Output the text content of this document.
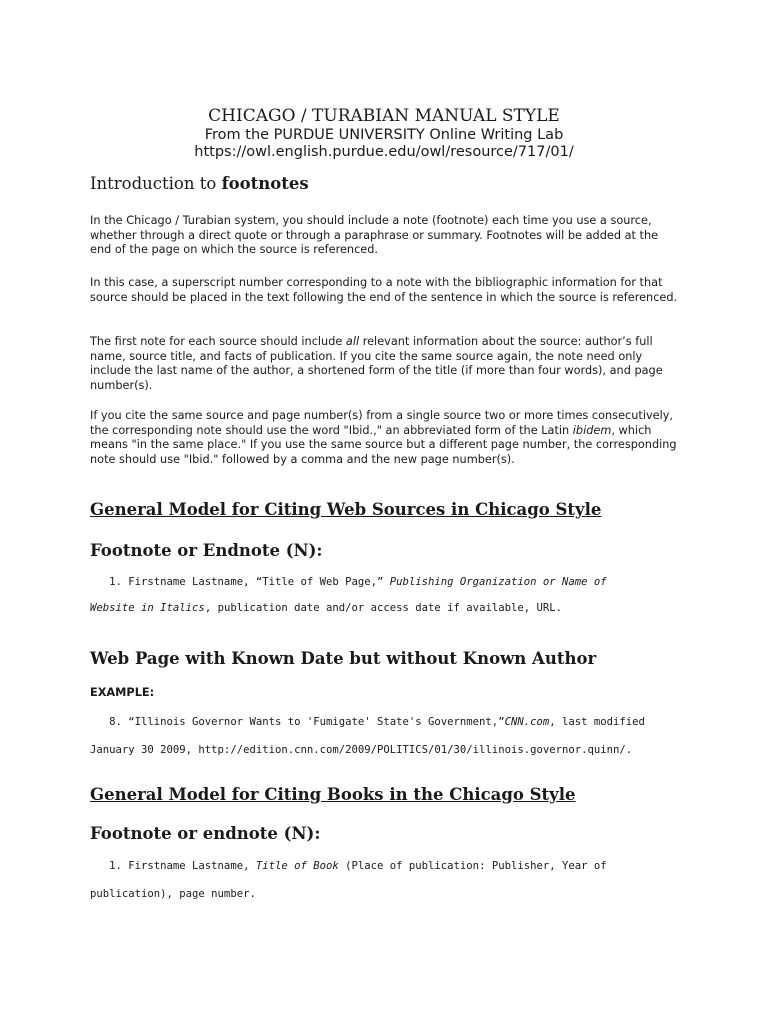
CHICAGO / TURABIAN MANUAL STYLE
From the PURDUE UNIVERSITY Online Writing Lab
https://owl.english.purdue.edu/owl/resource/717/01/
Introduction to footnotes

In the Chicago / Turabian system, you should include a note (footnote) each time you use a source, whether through a direct quote or through a paraphrase or summary. Footnotes will be added at the end of the page on which the source is referenced.

In this case, a superscript number corresponding to a note with the bibliographic information for that source should be placed in the text following the end of the sentence in which the source is referenced.

The first note for each source should include all relevant information about the source: author’s full name, source title, and facts of publication. If you cite the same source again, the note need only include the last name of the author, a shortened form of the title (if more than four words), and page number(s).

If you cite the same source and page number(s) from a single source two or more times consecutively, the corresponding note should use the word "Ibid.," an abbreviated form of the Latin ibidem, which means "in the same place." If you use the same source but a different page number, the corresponding note should use "Ibid." followed by a comma and the new page number(s).

General Model for Citing Web Sources in Chicago Style
Footnote or Endnote (N):
1. Firstname Lastname, “Title of Web Page,” Publishing Organization or Name of
Website in Italics, publication date and/or access date if available, URL.
Web Page with Known Date but without Known Author
EXAMPLE:
8. “Illinois Governor Wants to 'Fumigate' State's Government,”CNN.com, last modified
January 30 2009, http://edition.cnn.com/2009/POLITICS/01/30/illinois.governor.quinn/.
General Model for Citing Books in the Chicago Style
Footnote or endnote (N):
1. Firstname Lastname, Title of Book (Place of publication: Publisher, Year of
publication), page number.
